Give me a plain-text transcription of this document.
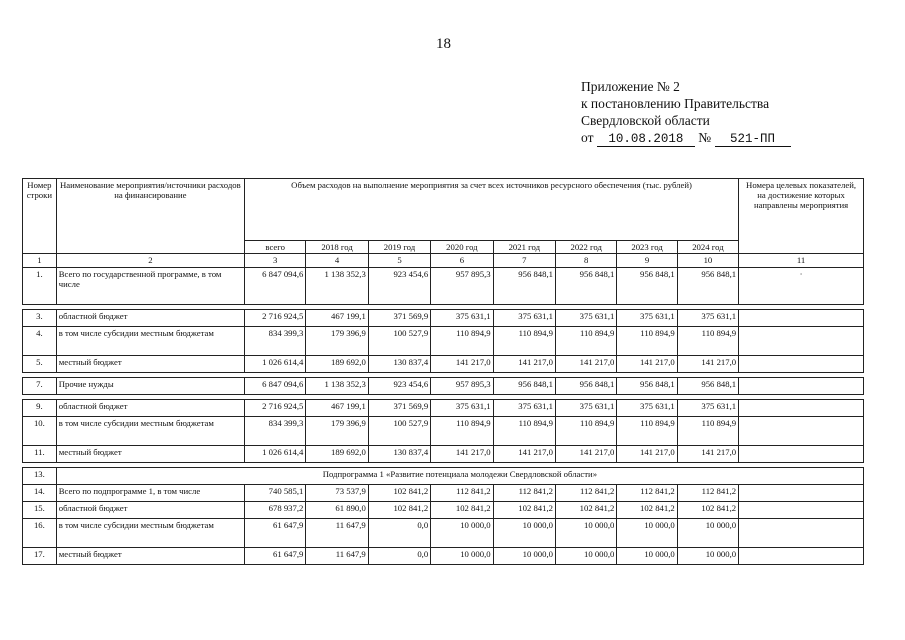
18
Приложение № 2
к постановлению Правительства
Свердловской области
от 10.08.2018 № 521-ПП
Номер строки	Наименование мероприятия/источники расходов на финансирование	Объем расходов на выполнение мероприятия за счет всех источников ресурсного обеспечения (тыс. рублей)								Номера целевых показателей, на достижение которых направлены мероприятия
		всего	2018 год	2019 год	2020 год	2021 год	2022 год	2023 год	2024 год	
1	2	3	4	5	6	7	8	9	10	11
1.	Всего по государственной программе, в том числе	6 847 094,6	1 138 352,3	923 454,6	957 895,3	956 848,1	956 848,1	956 848,1	956 848,1	·

3.	областной бюджет	2 716 924,5	467 199,1	371 569,9	375 631,1	375 631,1	375 631,1	375 631,1	375 631,1	
4.	в том числе субсидии местным бюджетам	834 399,3	179 396,9	100 527,9	110 894,9	110 894,9	110 894,9	110 894,9	110 894,9	
5.	местный бюджет	1 026 614,4	189 692,0	130 837,4	141 217,0	141 217,0	141 217,0	141 217,0	141 217,0	

7.	Прочие нужды	6 847 094,6	1 138 352,3	923 454,6	957 895,3	956 848,1	956 848,1	956 848,1	956 848,1	

9.	областной бюджет	2 716 924,5	467 199,1	371 569,9	375 631,1	375 631,1	375 631,1	375 631,1	375 631,1	
10.	в том числе субсидии местным бюджетам	834 399,3	179 396,9	100 527,9	110 894,9	110 894,9	110 894,9	110 894,9	110 894,9	
11.	местный бюджет	1 026 614,4	189 692,0	130 837,4	141 217,0	141 217,0	141 217,0	141 217,0	141 217,0	

13.	Подпрограмма 1 «Развитие потенциала молодежи Свердловской области»									
14.	Всего по подпрограмме 1, в том числе	740 585,1	73 537,9	102 841,2	112 841,2	112 841,2	112 841,2	112 841,2	112 841,2	
15.	областной бюджет	678 937,2	61 890,0	102 841,2	102 841,2	102 841,2	102 841,2	102 841,2	102 841,2	
16.	в том числе субсидии местным бюджетам	61 647,9	11 647,9	0,0	10 000,0	10 000,0	10 000,0	10 000,0	10 000,0	
17.	местный бюджет	61 647,9	11 647,9	0,0	10 000,0	10 000,0	10 000,0	10 000,0	10 000,0	
